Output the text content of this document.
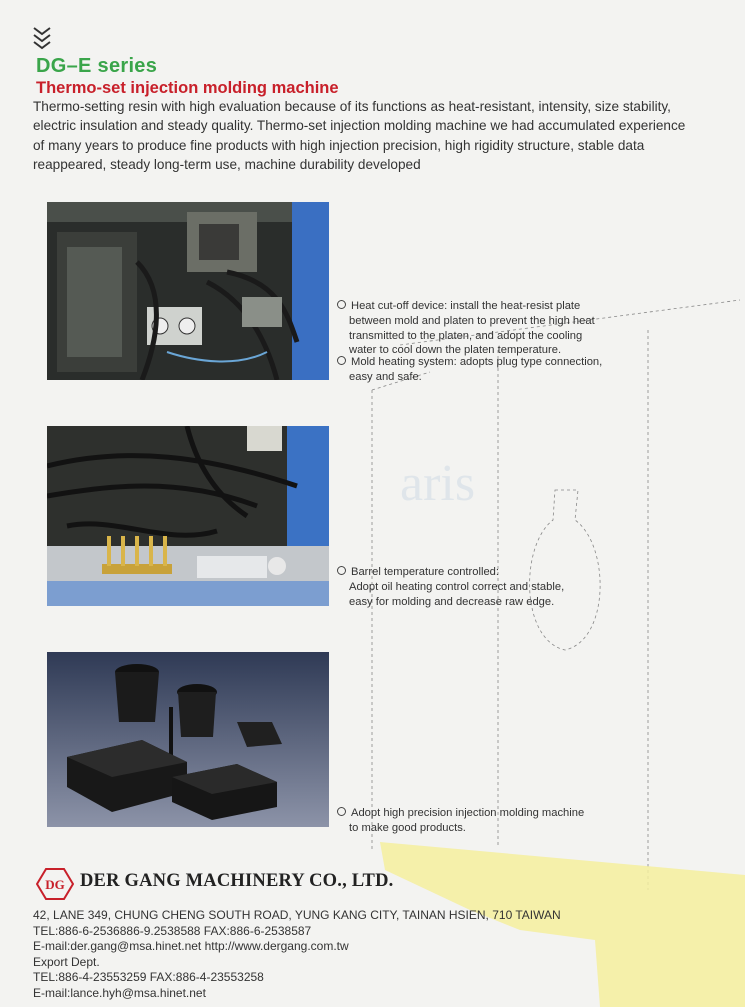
aris
DG–E series
Thermo-set injection molding machine
Thermo-setting resin with high evaluation because of its functions as heat-resistant, intensity, size stability,
electric insulation and steady quality. Thermo-set injection molding machine we had accumulated experience
of many years to produce fine products with high injection precision, high rigidity structure, stable data
reappeared, steady long-term use, machine durability developed
Heat cut-off device: install the heat-resist plate
between mold and platen to prevent the high heat
transmitted to the platen, and adopt the cooling
water to cool down the platen temperature.
Mold heating system: adopts plug type connection,
easy and safe.
Barrel temperature controlled:
Adopt oil heating control correct and stable,
easy for molding and decrease raw edge.
Adopt high precision injection molding machine
to make good products.
DG DER GANG MACHINERY CO., LTD.
42, LANE 349, CHUNG CHENG SOUTH ROAD, YUNG KANG CITY, TAINAN HSIEN, 710 TAIWAN
TEL:886-6-2536886-9.2538588 FAX:886-6-2538587
E-mail:der.gang@msa.hinet.net http://www.dergang.com.tw
Export Dept.
TEL:886-4-23553259 FAX:886-4-23553258
E-mail:lance.hyh@msa.hinet.net
